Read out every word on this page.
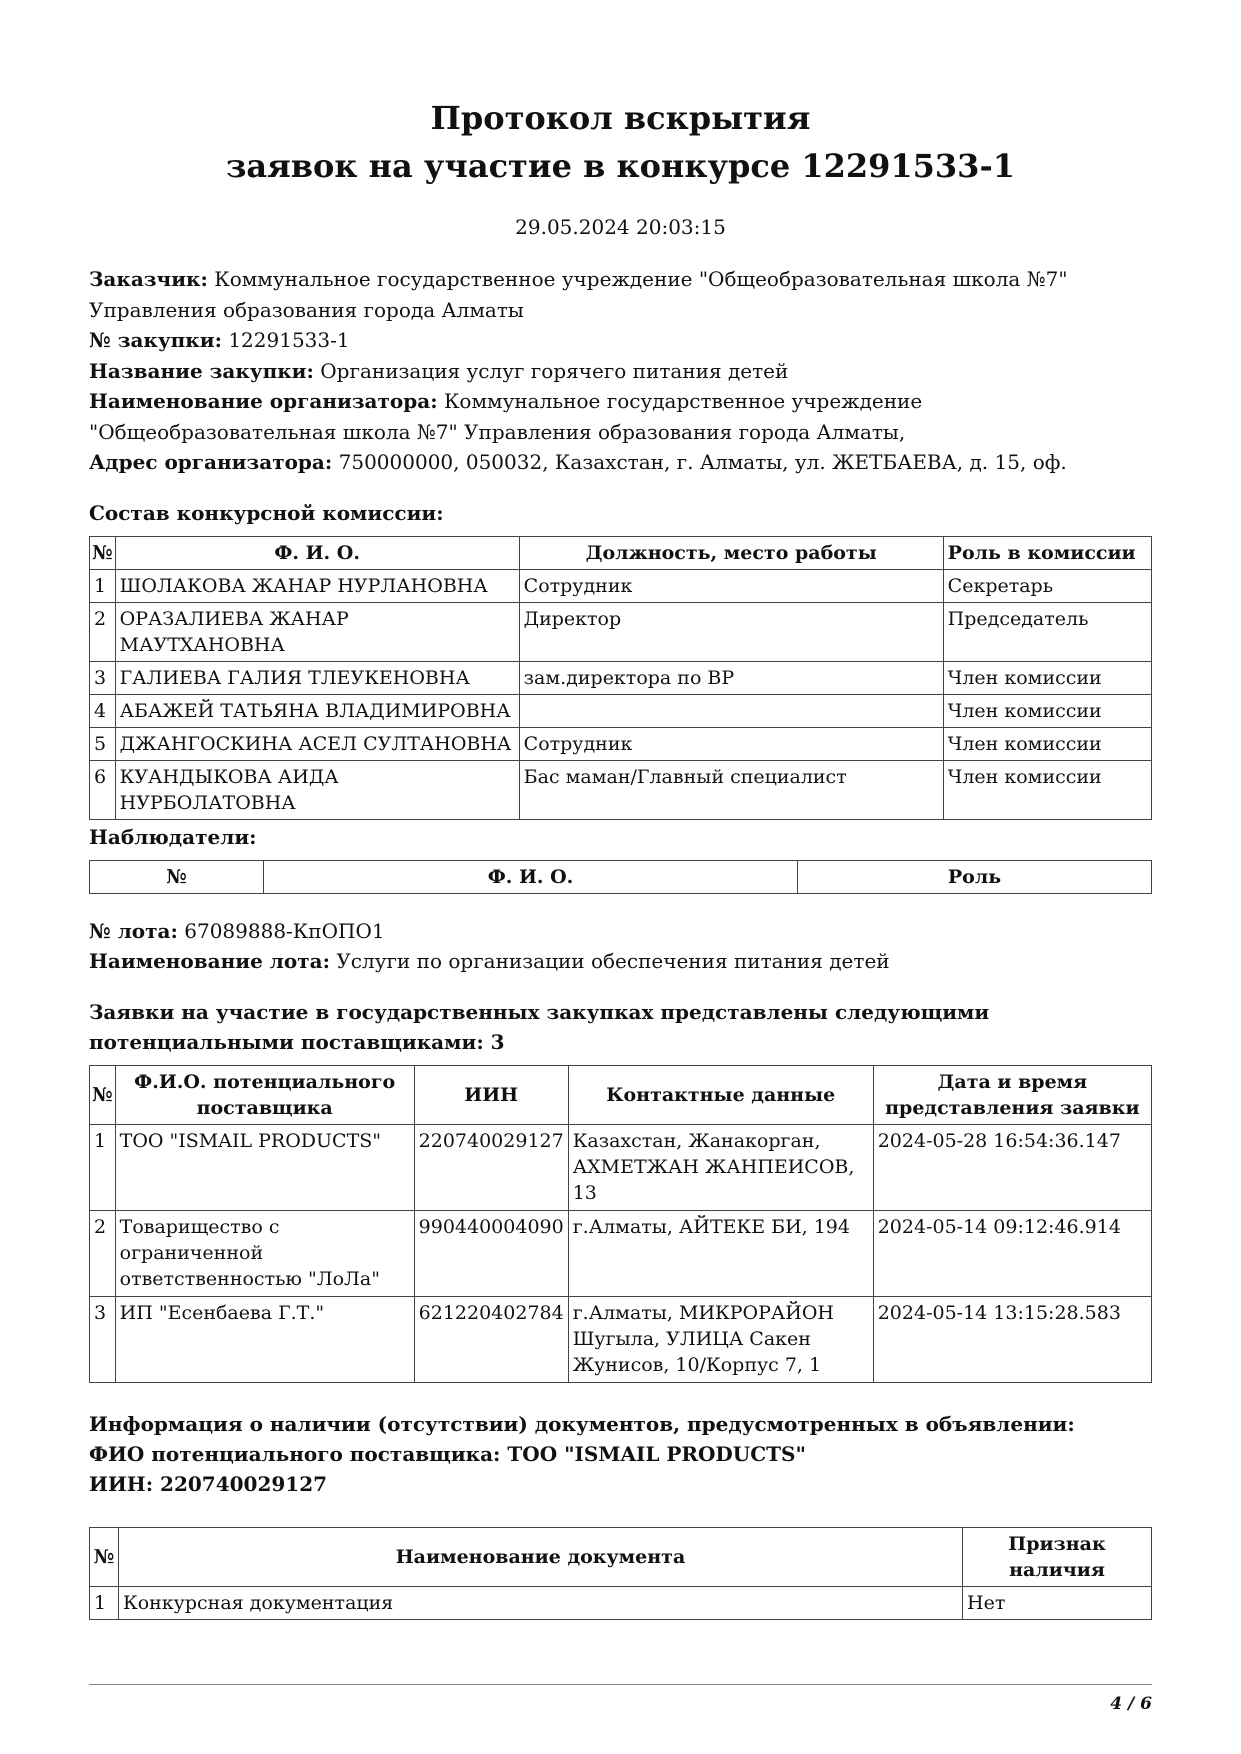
Протокол вскрытия
заявок на участие в конкурсе 12291533-1
29.05.2024 20:03:15
Заказчик: Коммунальное государственное учреждение "Общеобразовательная школа №7" Управления образования города Алматы
№ закупки: 12291533-1
Название закупки: Организация услуг горячего питания детей
Наименование организатора: Коммунальное государственное учреждение "Общеобразовательная школа №7" Управления образования города Алматы,
Адрес организатора: 750000000, 050032, Казахстан, г. Алматы, ул. ЖЕТБАЕВА, д. 15, оф.
Состав конкурсной комиссии:
№	Ф. И. О.	Должность, место работы	Роль в комиссии
1	ШОЛАКОВА ЖАНАР НУРЛАНОВНА	Сотрудник	Секретарь
2	ОРАЗАЛИЕВА ЖАНАР МАУТХАНОВНА	Директор	Председатель
3	ГАЛИЕВА ГАЛИЯ ТЛЕУКЕНОВНА	зам.директора по ВР	Член комиссии
4	АБАЖЕЙ ТАТЬЯНА ВЛАДИМИРОВНА		Член комиссии
5	ДЖАНГОСКИНА АСЕЛ СУЛТАНОВНА	Сотрудник	Член комиссии
6	КУАНДЫКОВА АИДА НУРБОЛАТОВНА	Бас маман/Главный специалист	Член комиссии
Наблюдатели:
№	Ф. И. О.	Роль
№ лота: 67089888-КпОПО1
Наименование лота: Услуги по организации обеспечения питания детей
Заявки на участие в государственных закупках представлены следующими потенциальными поставщиками: 3
№	Ф.И.О. потенциального поставщика	ИИН	Контактные данные	Дата и время представления заявки
1	ТОО "ISMAIL PRODUCTS"	220740029127	Казахстан, Жанакорган, АХМЕТЖАН ЖАНПЕИСОВ, 13	2024-05-28 16:54:36.147
2	Товарищество с ограниченной ответственностью "ЛоЛа"	990440004090	г.Алматы, АЙТЕКЕ БИ, 194	2024-05-14 09:12:46.914
3	ИП "Есенбаева Г.Т."	621220402784	г.Алматы, МИКРОРАЙОН Шугыла, УЛИЦА Сакен Жунисов, 10/Корпус 7, 1	2024-05-14 13:15:28.583
Информация о наличии (отсутствии) документов, предусмотренных в объявлении:
ФИО потенциального поставщика: ТОО "ISMAIL PRODUCTS"
ИИН: 220740029127
№	Наименование документа	Признак наличия
1	Конкурсная документация	Нет
4 / 6
